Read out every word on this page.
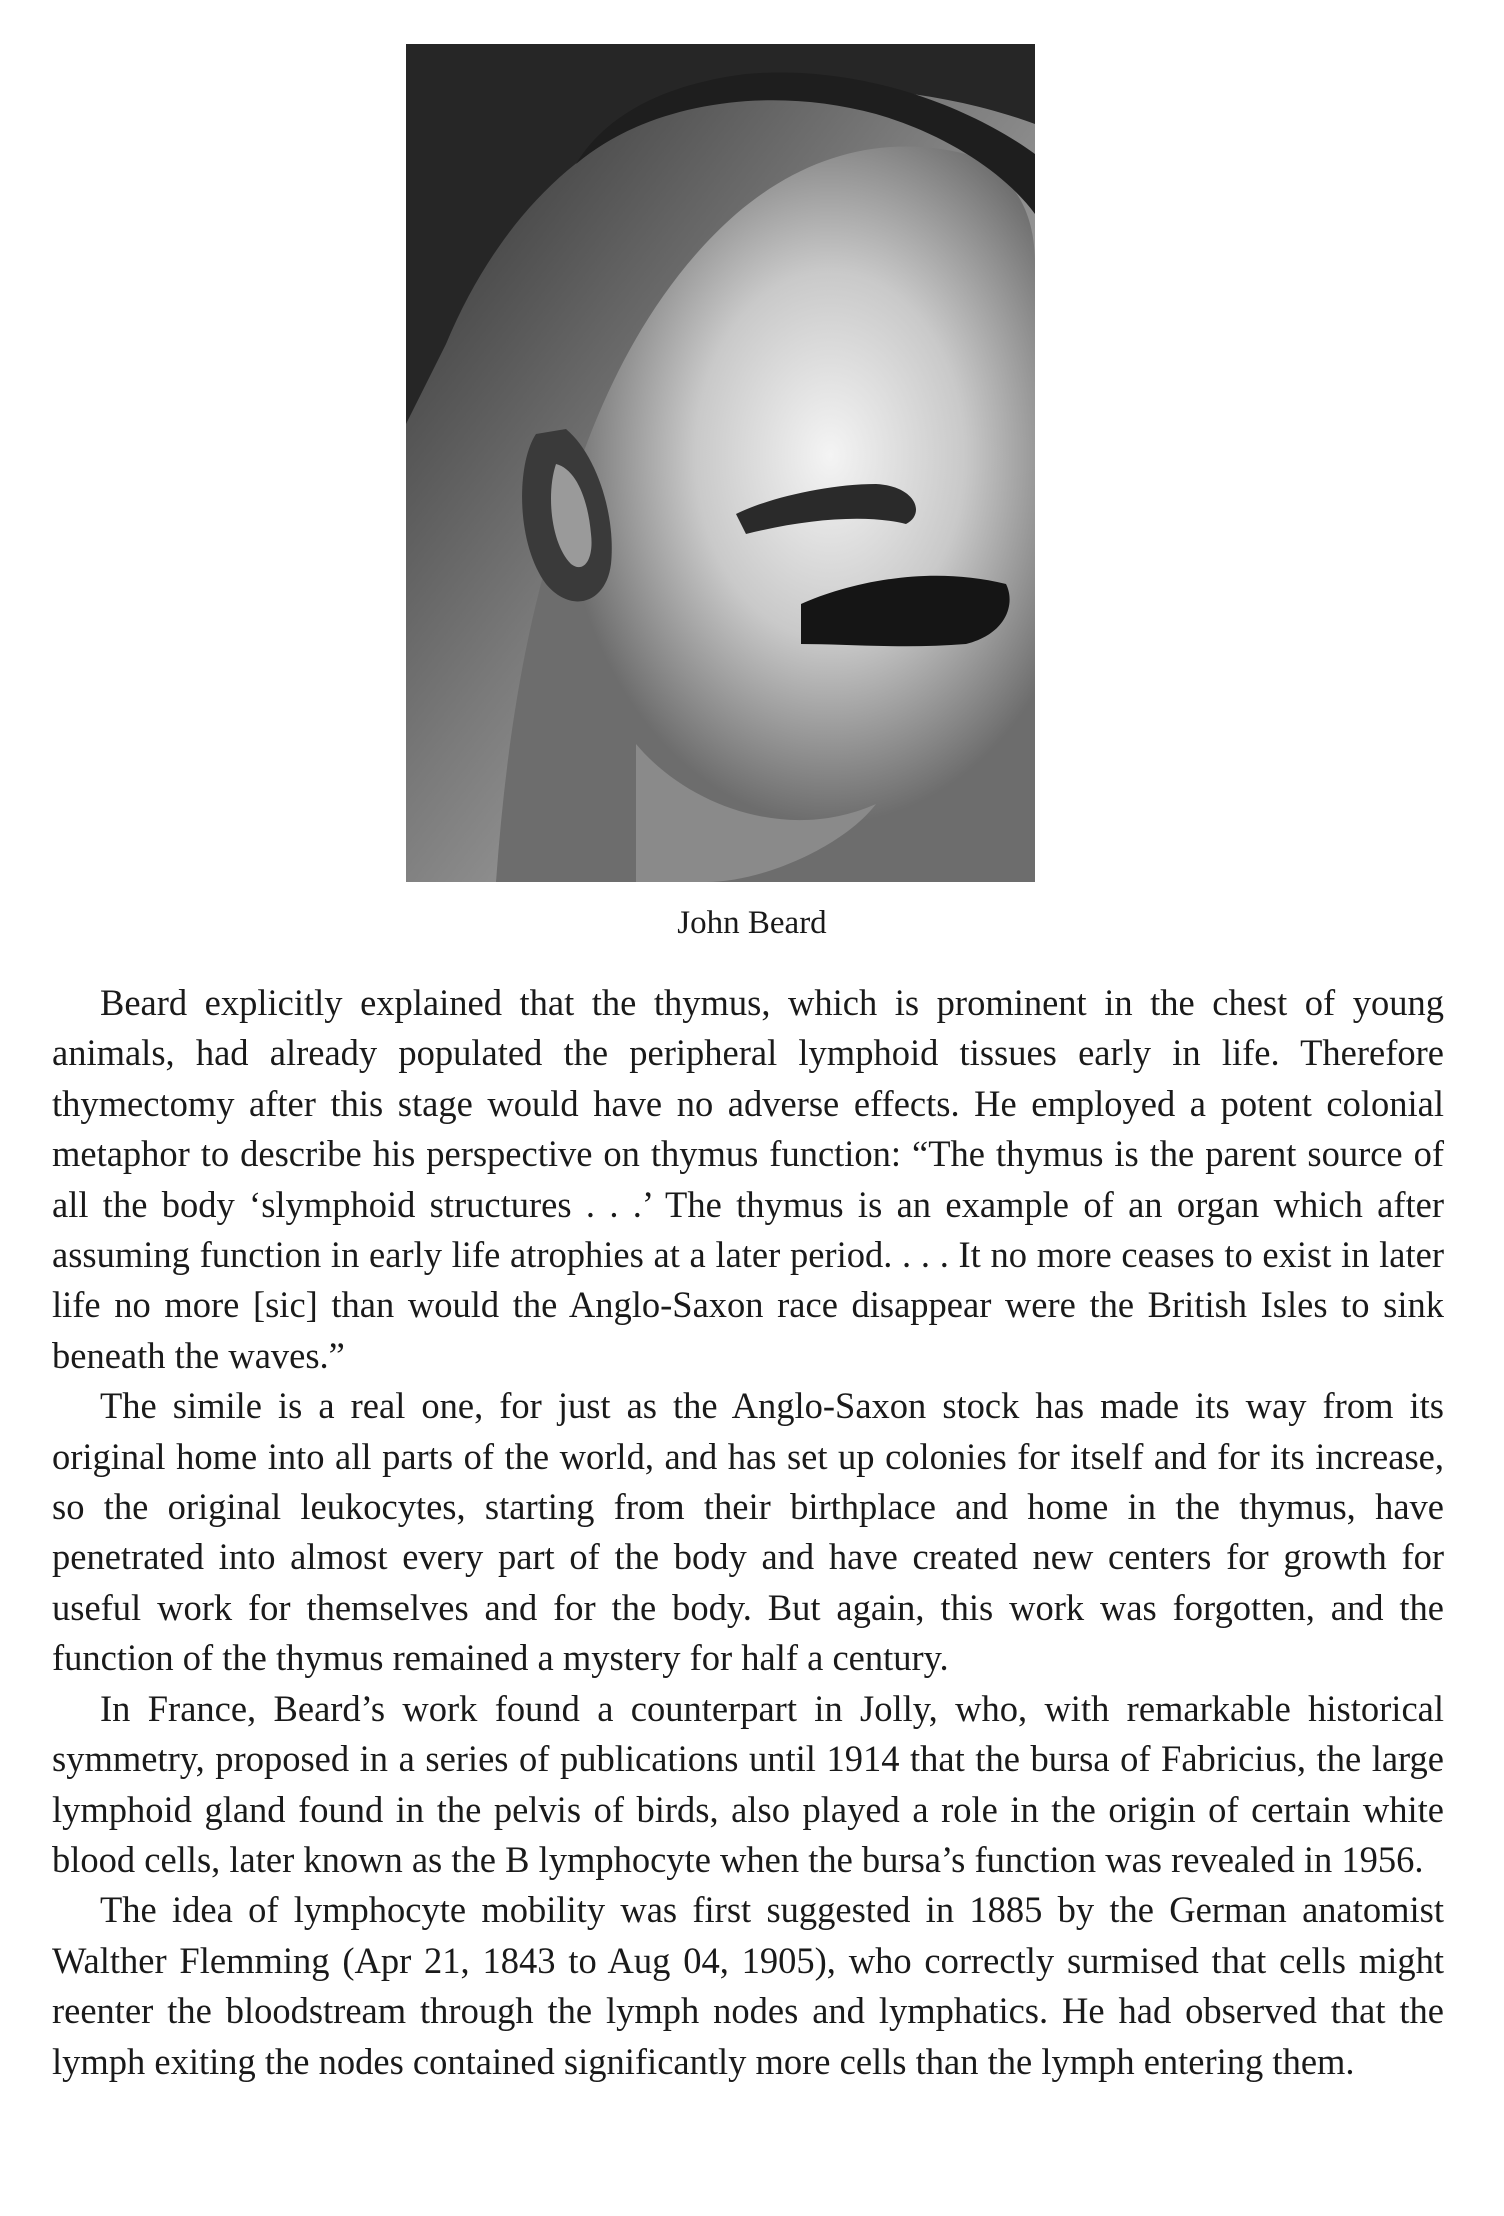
John Beard

Beard explicitly explained that the thymus, which is prominent in the chest of young animals, had already populated the peripheral lymphoid tissues early in life. Therefore thymectomy after this stage would have no adverse effects. He employed a potent colonial metaphor to describe his perspective on thymus function: “The thymus is the parent source of all the body ‘slymphoid structures . . .’ The thymus is an example of an organ which after assuming function in early life atrophies at a later period. . . . It no more ceases to exist in later life no more [sic] than would the Anglo-Saxon race disappear were the British Isles to sink beneath the waves.”

The simile is a real one, for just as the Anglo-Saxon stock has made its way from its original home into all parts of the world, and has set up colonies for itself and for its increase, so the original leukocytes, starting from their birthplace and home in the thymus, have penetrated into almost every part of the body and have created new centers for growth for useful work for themselves and for the body. But again, this work was forgotten, and the function of the thymus remained a mystery for half a century.

In France, Beard’s work found a counterpart in Jolly, who, with remarkable historical symmetry, proposed in a series of publications until 1914 that the bursa of Fabricius, the large lymphoid gland found in the pelvis of birds, also played a role in the origin of certain white blood cells, later known as the B lymphocyte when the bursa’s function was revealed in 1956.

The idea of lymphocyte mobility was first suggested in 1885 by the German anatomist Walther Flemming (Apr 21, 1843 to Aug 04, 1905), who correctly surmised that cells might reenter the bloodstream through the lymph nodes and lymphatics. He had observed that the lymph exiting the nodes contained significantly more cells than the lymph entering them.
